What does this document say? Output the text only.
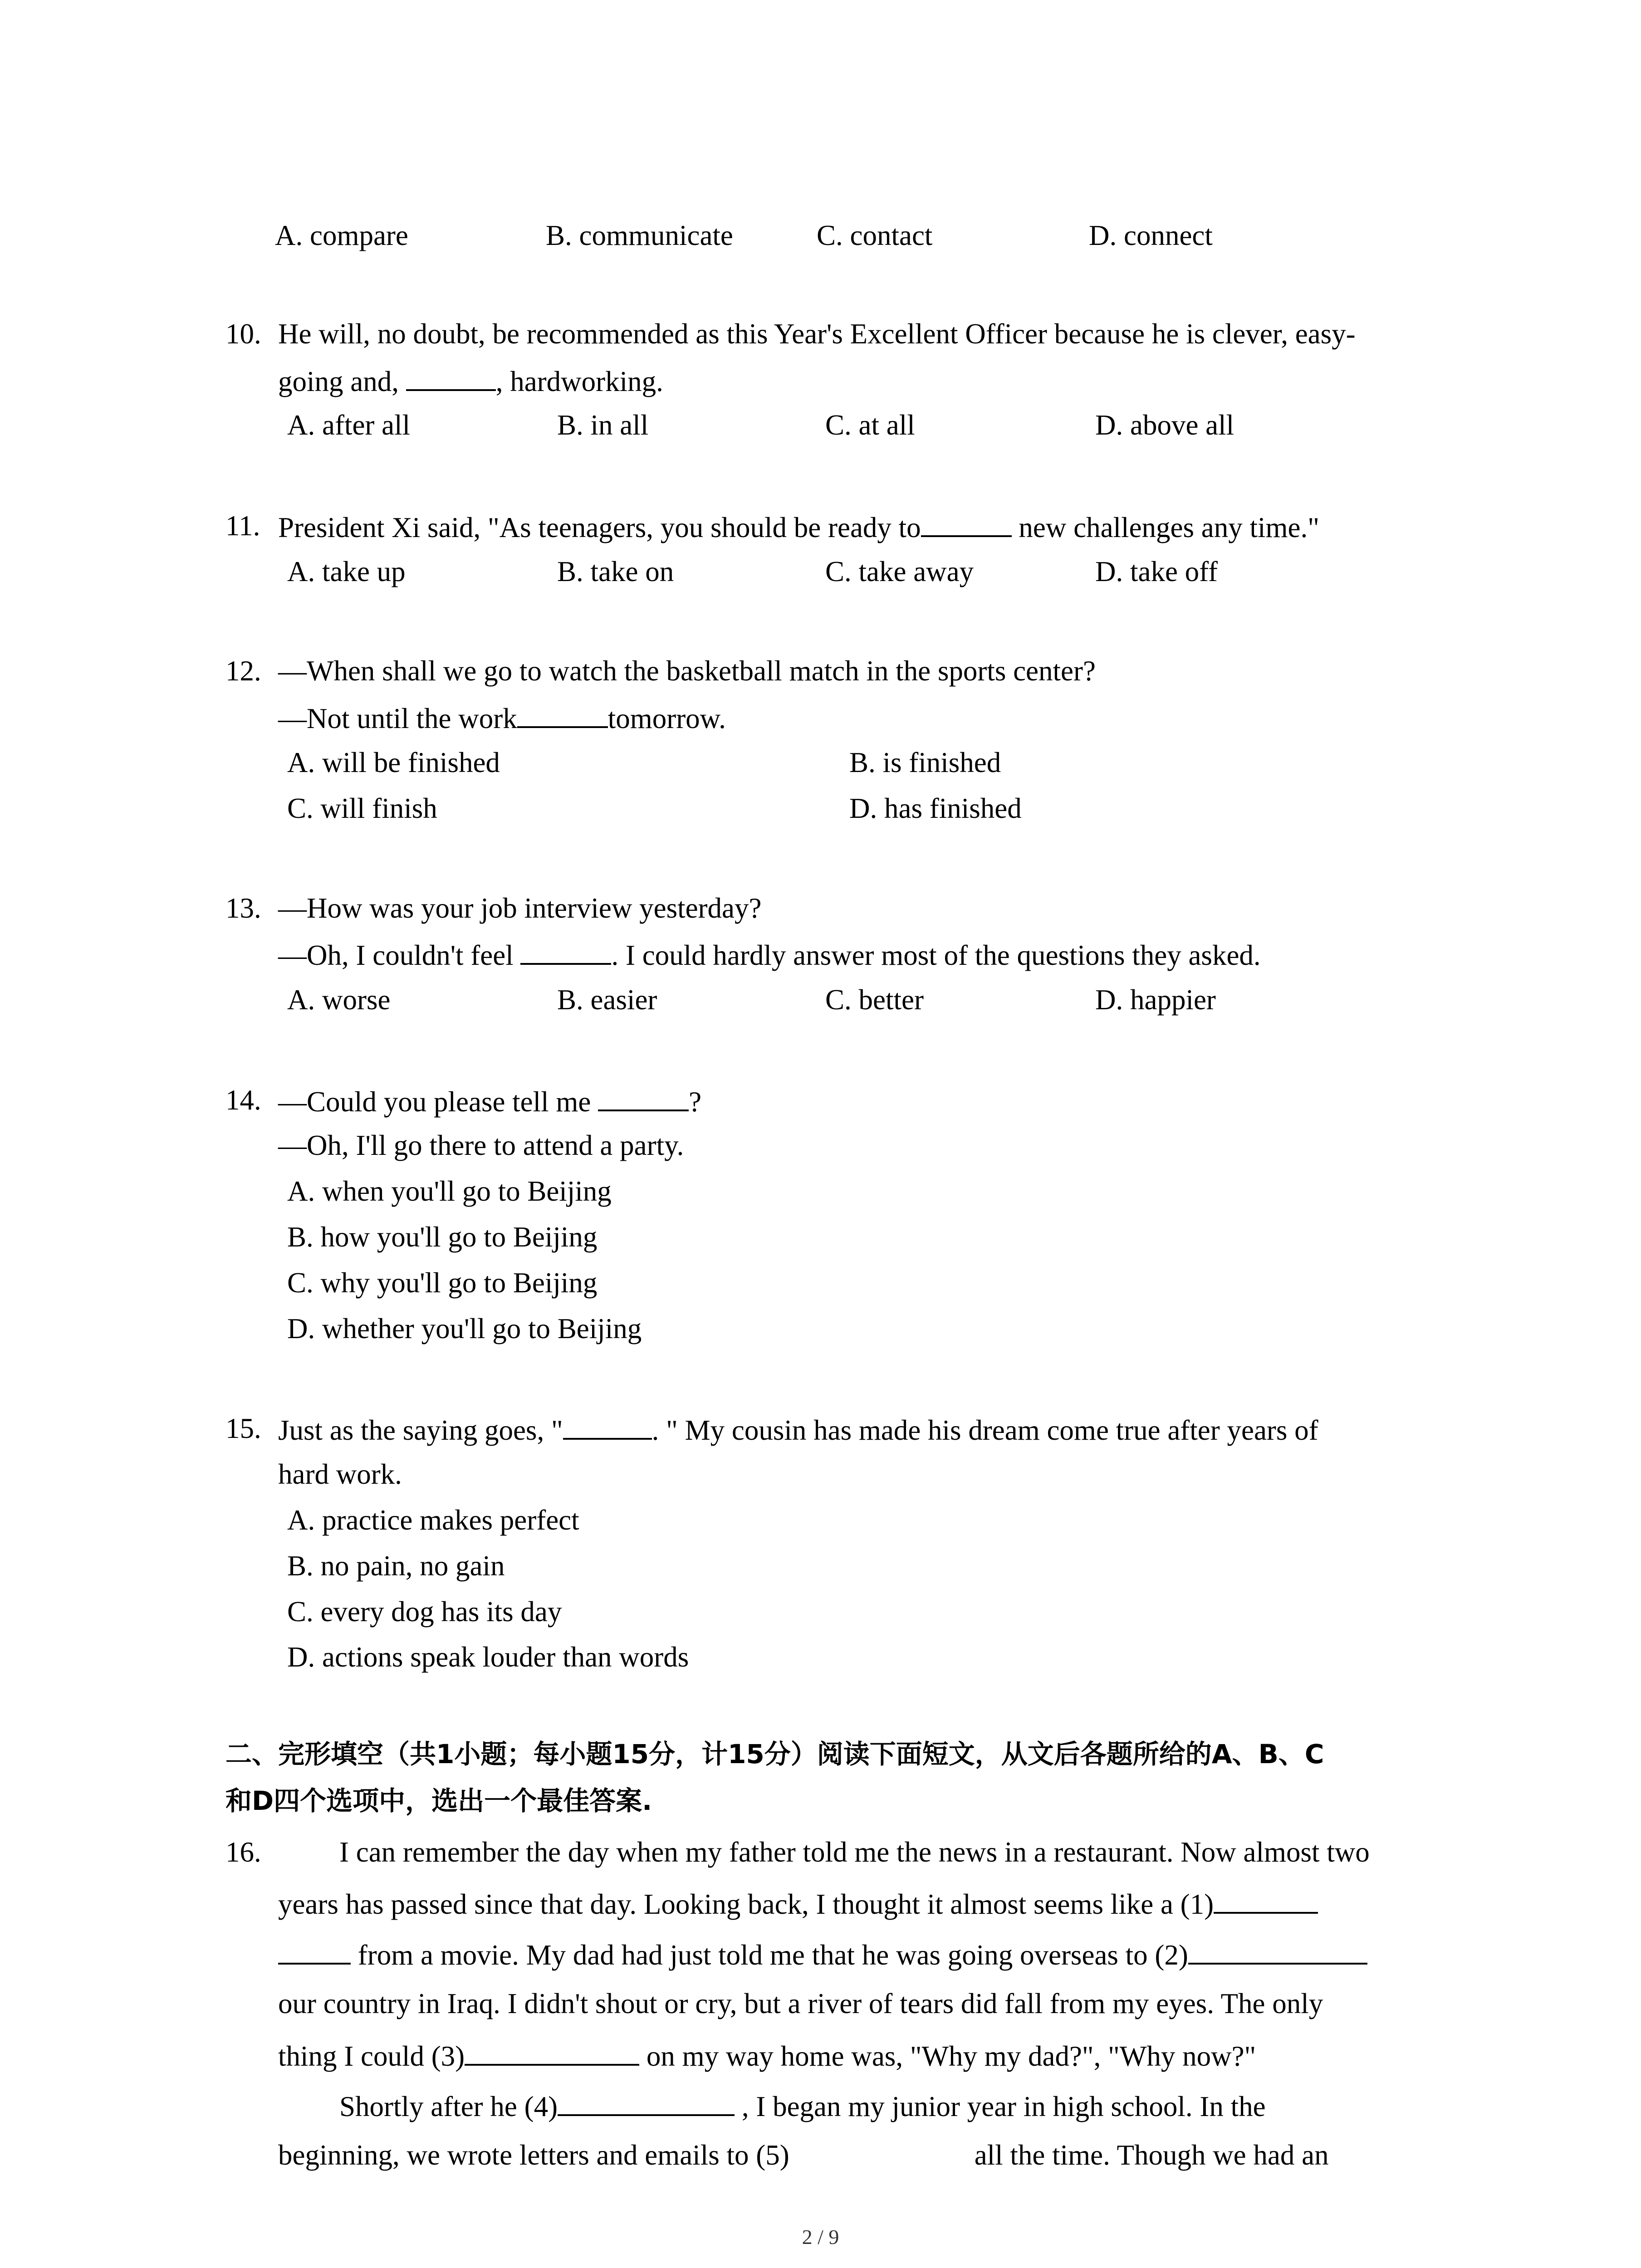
A. compare	B. communicate	C. contact	D. connect
10. He will, no doubt, be recommended as this Year's Excellent Officer because he is clever, easy-
going and,	, hardworking.
A. after all	B. in all	C. at all	D. above all
11. President Xi said, "As teenagers, you should be ready to	new challenges any time."
A. take up	B. take on	C. take away	D. take off
12. —When shall we go to watch the basketball match in the sports center?
—Not until the work	tomorrow.
A. will be finished	B. is finished
C. will finish	D. has finished
13. —How was your job interview yesterday?
—Oh, I couldn't feel	. I could hardly answer most of the questions they asked.
A. worse	B. easier	C. better	D. happier
14. —Could you please tell me	?
—Oh, I'll go there to attend a party.
A. when you'll go to Beijing
B. how you'll go to Beijing
C. why you'll go to Beijing
D. whether you'll go to Beijing
15. Just as the saying goes, "	. " My cousin has made his dream come true after years of
hard work.
A. practice makes perfect
B. no pain, no gain
C. every dog has its day
D. actions speak louder than words
二、完形填空（共1小题；每小题15分，计15分）阅读下面短文，从文后各题所给的A、B、C
和D四个选项中，选出一个最佳答案.
16.	I can remember the day when my father told me the news in a restaurant. Now almost two
years has passed since that day. Looking back, I thought it almost seems like a (1)
from a movie. My dad had just told me that he was going overseas to (2)
our country in Iraq. I didn't shout or cry, but a river of tears did fall from my eyes. The only
thing I could (3)	on my way home was, "Why my dad?", "Why now?"
Shortly after he (4)	, I began my junior year in high school. In the
beginning, we wrote letters and emails to (5)	all the time. Though we had an
2 / 9
